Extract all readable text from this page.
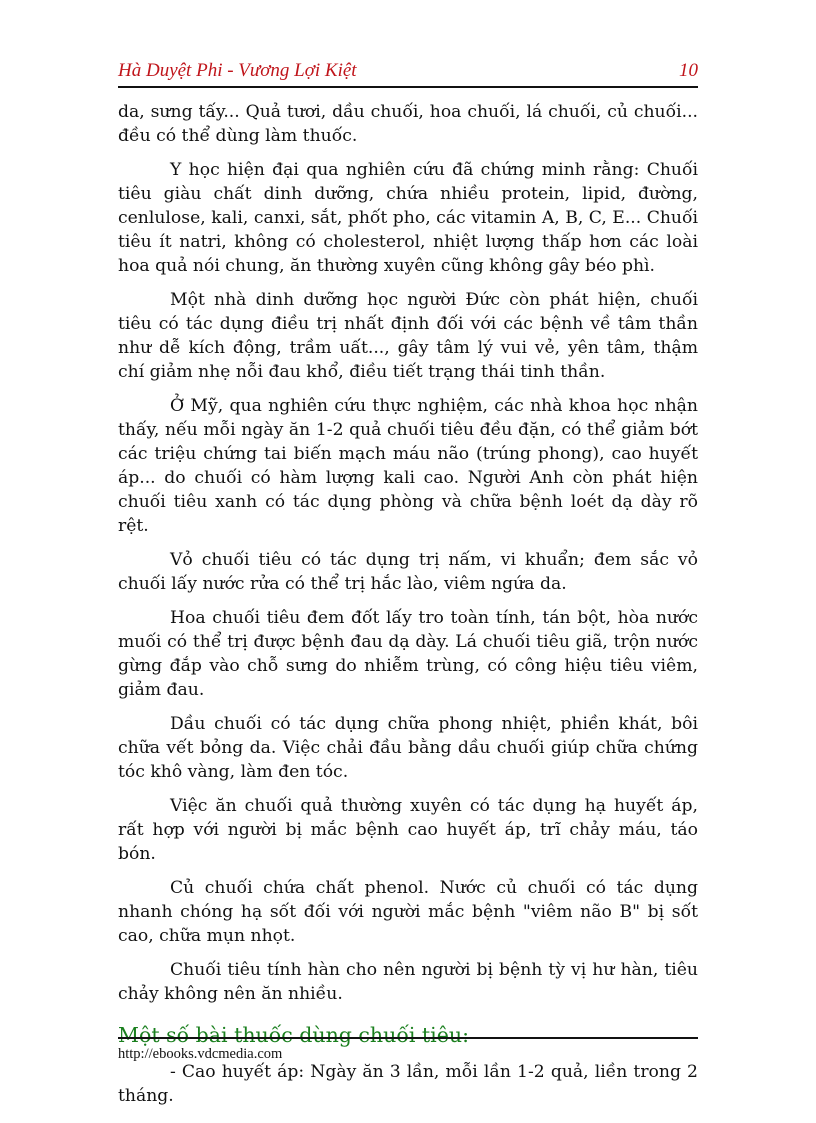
Hà Duyệt Phi - Vương Lợi Kiệt	10

da, sưng tấy... Quả tươi, dầu chuối, hoa chuối, lá chuối, củ chuối... đều có thể dùng làm thuốc.

Y học hiện đại qua nghiên cứu đã chứng minh rằng: Chuối tiêu giàu chất dinh dưỡng, chứa nhiều protein, lipid, đường, cenlulose, kali, canxi, sắt, phốt pho, các vitamin A, B, C, E... Chuối tiêu ít natri, không có cholesterol, nhiệt lượng thấp hơn các loài hoa quả nói chung, ăn thường xuyên cũng không gây béo phì.

Một nhà dinh dưỡng học người Đức còn phát hiện, chuối tiêu có tác dụng điều trị nhất định đối với các bệnh về tâm thần như dễ kích động, trầm uất..., gây tâm lý vui vẻ, yên tâm, thậm chí giảm nhẹ nỗi đau khổ, điều tiết trạng thái tinh thần.

Ở Mỹ, qua nghiên cứu thực nghiệm, các nhà khoa học nhận thấy, nếu mỗi ngày ăn 1-2 quả chuối tiêu đều đặn, có thể giảm bớt các triệu chứng tai biến mạch máu não (trúng phong), cao huyết áp... do chuối có hàm lượng kali cao. Người Anh còn phát hiện chuối tiêu xanh có tác dụng phòng và chữa bệnh loét dạ dày rõ rệt.

Vỏ chuối tiêu có tác dụng trị nấm, vi khuẩn; đem sắc vỏ chuối lấy nước rửa có thể trị hắc lào, viêm ngứa da.

Hoa chuối tiêu đem đốt lấy tro toàn tính, tán bột, hòa nước muối có thể trị được bệnh đau dạ dày. Lá chuối tiêu giã, trộn nước gừng đắp vào chỗ sưng do nhiễm trùng, có công hiệu tiêu viêm, giảm đau.

Dầu chuối có tác dụng chữa phong nhiệt, phiền khát, bôi chữa vết bỏng da. Việc chải đầu bằng dầu chuối giúp chữa chứng tóc khô vàng, làm đen tóc.

Việc ăn chuối quả thường xuyên có tác dụng hạ huyết áp, rất hợp với người bị mắc bệnh cao huyết áp, trĩ chảy máu, táo bón.

Củ chuối chứa chất phenol. Nước củ chuối có tác dụng nhanh chóng hạ sốt đối với người mắc bệnh "viêm não B" bị sốt cao, chữa mụn nhọt.

Chuối tiêu tính hàn cho nên người bị bệnh tỳ vị hư hàn, tiêu chảy không nên ăn nhiều.

Một số bài thuốc dùng chuối tiêu:

- Cao huyết áp: Ngày ăn 3 lần, mỗi lần 1-2 quả, liền trong 2 tháng.

http://ebooks.vdcmedia.com
